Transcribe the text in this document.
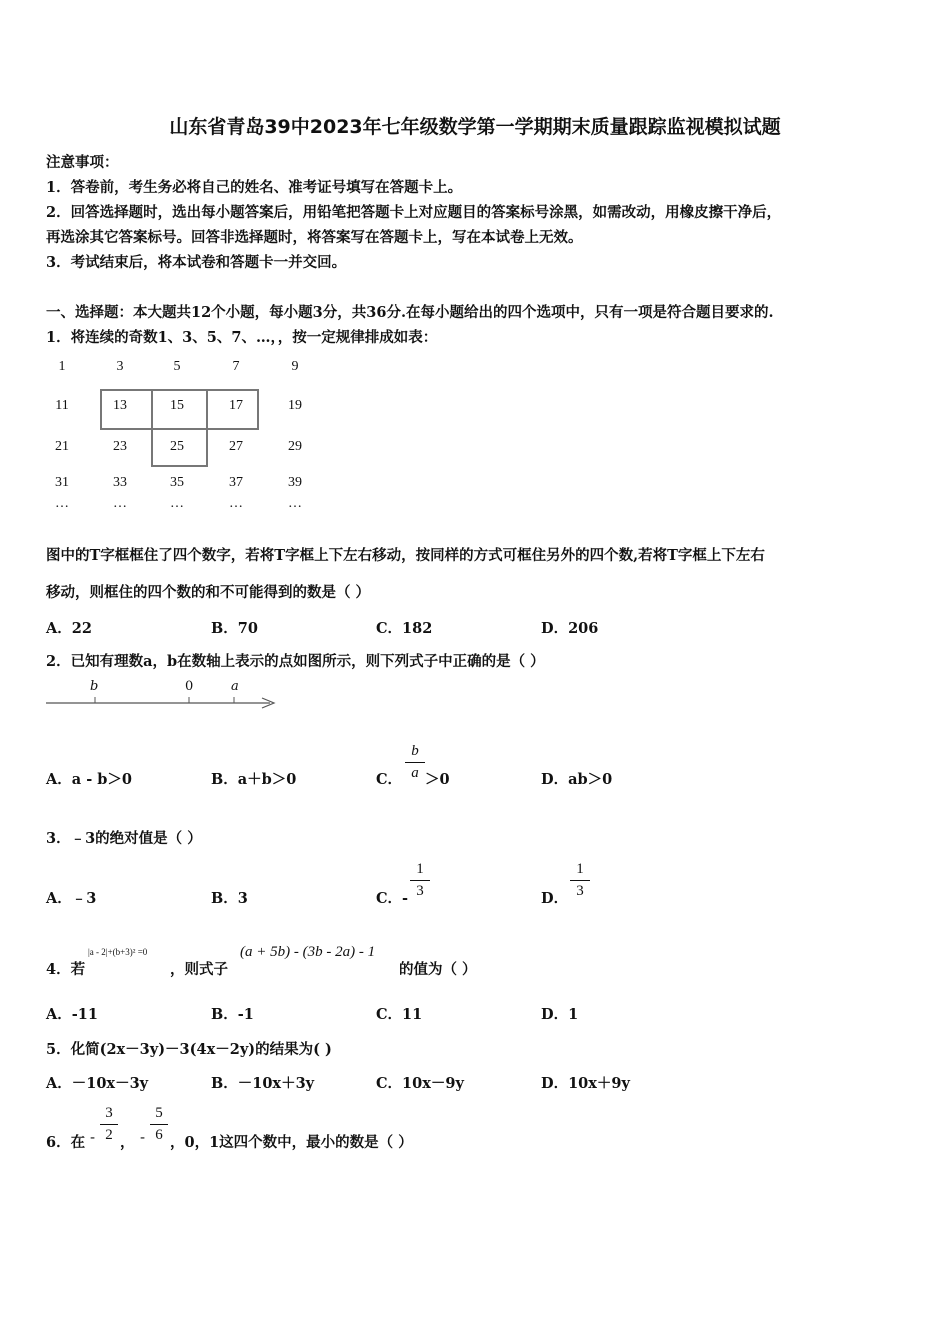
山东省青岛39中2023年七年级数学第一学期期末质量跟踪监视模拟试题
注意事项：
1．答卷前，考生务必将自己的姓名、准考证号填写在答题卡上。
2．回答选择题时，选出每小题答案后，用铅笔把答题卡上对应题目的答案标号涂黑，如需改动，用橡皮擦干净后，
再选涂其它答案标号。回答非选择题时，将答案写在答题卡上，写在本试卷上无效。
3．考试结束后，将本试卷和答题卡一并交回。
一、选择题：本大题共12个小题，每小题3分，共36分.在每小题给出的四个选项中，只有一项是符合题目要求的.
1．将连续的奇数1、3、5、7、…，，按一定规律排成如表：
1	3	5	7	9
11	13	15	17	19
21	23	25	27	29
31	33	35	37	39
…	…	…	…	…
图中的T字框框住了四个数字，若将T字框上下左右移动，按同样的方式可框住另外的四个数,若将T字框上下左右
移动，则框住的四个数的和不可能得到的数是（ ）
A．22	B．70	C．182	D．206
2．已知有理数a，b在数轴上表示的点如图所示，则下列式子中正确的是（ ）
b	0	a
A．a - b＞0	B．a＋b＞0	C．
b
a ＞0	D．ab＞0
3．﹣3的绝对值是（ ）
A．﹣3	B．3	C．-
1
3	D．
1
3
4．若
|a - 2|+(b+3)² =0
，则式子
(a + 5b) - (3b - 2a) - 1
的值为（ ）
A．-11	B．-1	C．11	D．1
5．化简(2x－3y)－3(4x－2y)的结果为( )
A．－10x－3y	B．－10x＋3y	C．10x－9y	D．10x＋9y
6．在 -
3
2 ， -
5
6 ，0，1这四个数中，最小的数是（ ）
